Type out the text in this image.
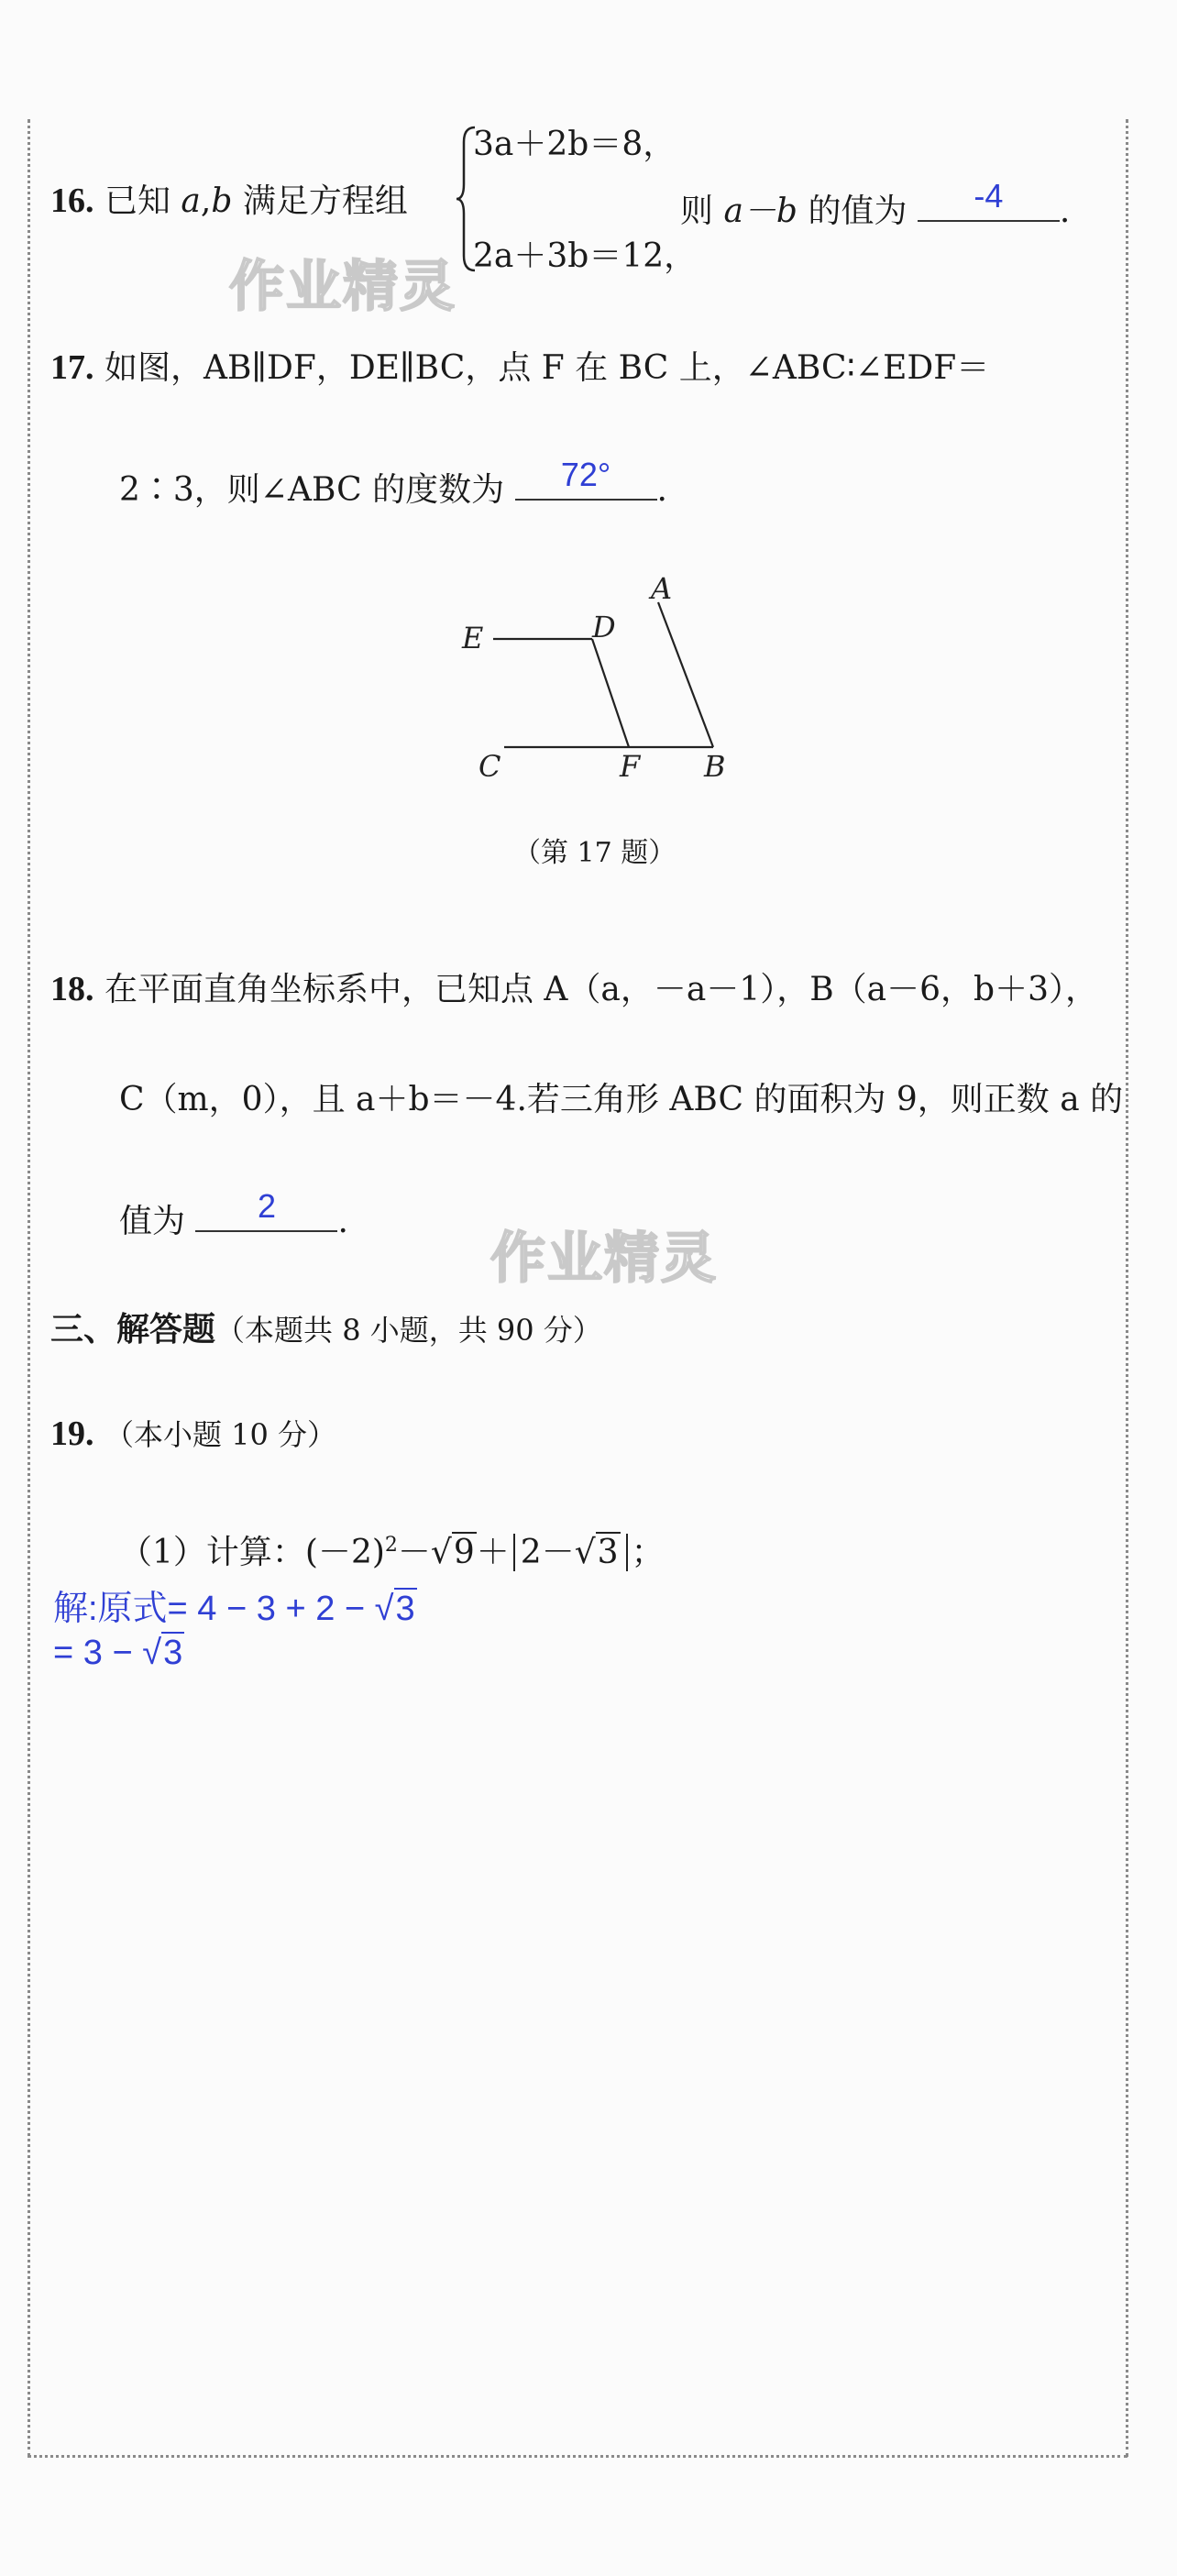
作业精灵
作业精灵
16. 已知 a,b 满足方程组
3a＋2b＝8，
2a＋3b＝12，
则 a－b 的值为	-4	.
17. 如图，AB∥DF，DE∥BC，点 F 在 BC 上，∠ABC∶∠EDF＝
2∶3，则∠ABC 的度数为	72°	.
E	D
A
C	F B
（第 17 题）
18. 在平面直角坐标系中，已知点 A（a，－a－1），B（a－6，b＋3），
C（m，0），且 a＋b＝－4.若三角形 ABC 的面积为 9，则正数 a 的
值为	2	.
三、解答题（本题共 8 小题，共 90 分）
19. （本小题 10 分）
（1）计算：$(-2)^2-√9+ 2-√3$ ；
解:原式= 4 − 3 + 2 − √3
= 3 − √3
